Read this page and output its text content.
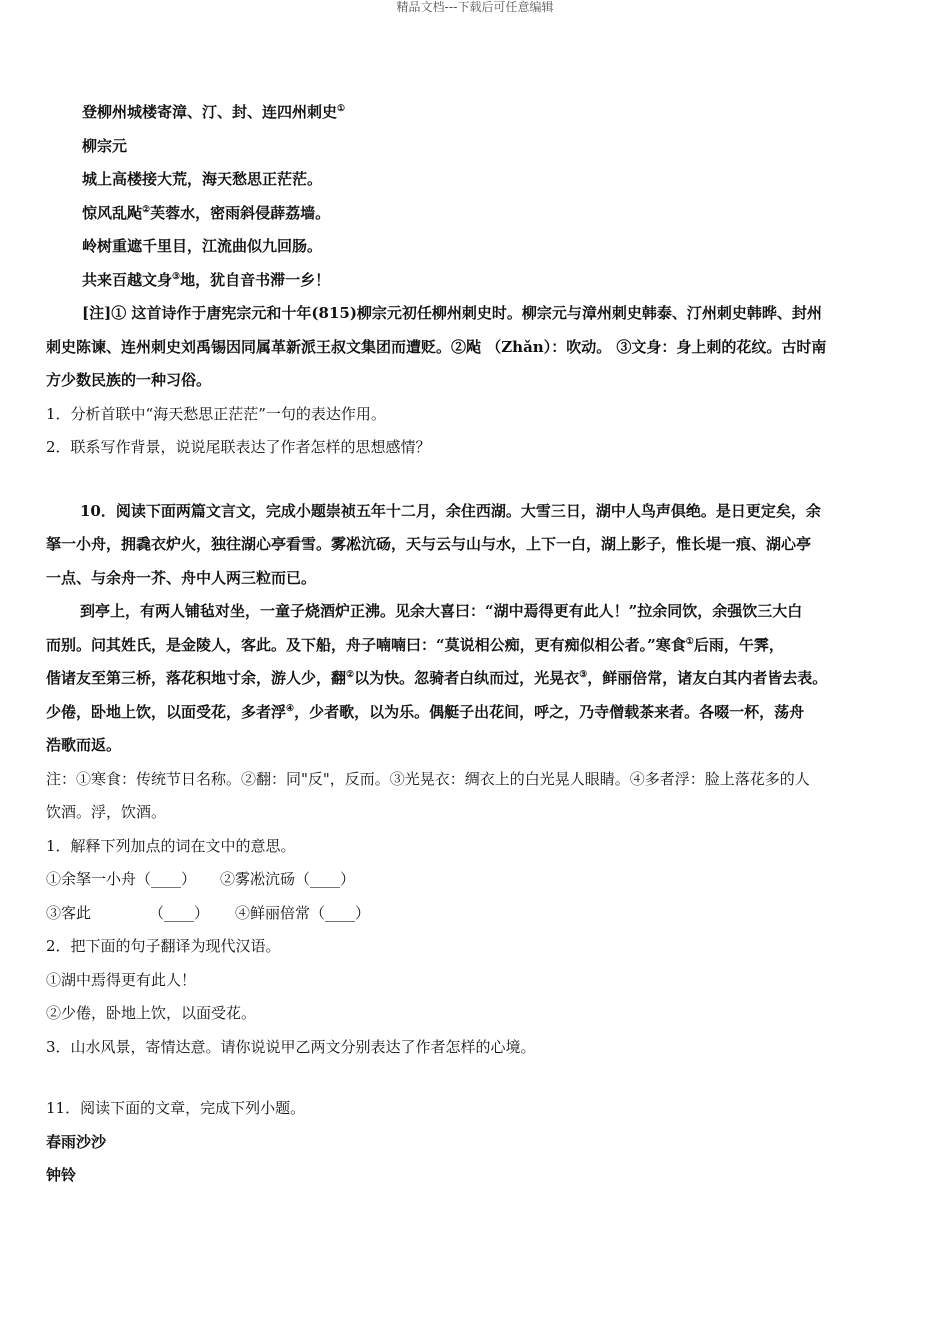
精品文档---下载后可任意编辑
登柳州城楼寄漳、汀、封、连四州刺史①
柳宗元
城上高楼接大荒，海天愁思正茫茫。
惊风乱飐②芙蓉水，密雨斜侵薜荔墙。
岭树重遮千里目，江流曲似九回肠。
共来百越文身③地，犹自音书滞一乡！
[注]① 这首诗作于唐宪宗元和十年(815)柳宗元初任柳州刺史时。柳宗元与漳州刺史韩泰、汀州刺史韩晔、封州
刺史陈谏、连州刺史刘禹锡因同属革新派王叔文集团而遭贬。②飐 （Zhǎn）：吹动。 ③文身：身上刺的花纹。古时南
方少数民族的一种习俗。
1．分析首联中“海天愁思正茫茫”一句的表达作用。
2．联系写作背景，说说尾联表达了作者怎样的思想感情？
10．阅读下面两篇文言文，完成小题崇祯五年十二月，余住西湖。大雪三日，湖中人鸟声俱绝。是日更定矣，余
拏一小舟，拥毳衣炉火，独往湖心亭看雪。雾凇沆砀，天与云与山与水，上下一白，湖上影子，惟长堤一痕、湖心亭
一点、与余舟一芥、舟中人两三粒而已。
到亭上，有两人铺毡对坐，一童子烧酒炉正沸。见余大喜曰：“湖中焉得更有此人！”拉余同饮，余强饮三大白
而别。问其姓氏，是金陵人，客此。及下船，舟子喃喃曰：“莫说相公痴，更有痴似相公者。”寒食①后雨，午霁，
偕诸友至第三桥，落花积地寸余，游人少，翻②以为快。忽骑者白纨而过，光晃衣③，鲜丽倍常，诸友白其内者皆去表。
少倦，卧地上饮，以面受花，多者浮④，少者歌，以为乐。偶艇子出花间，呼之，乃寺僧载茶来者。各啜一杯，荡舟
浩歌而返。
注：①寒食：传统节日名称。②翻：同"反"，反而。③光晃衣：绸衣上的白光晃人眼睛。④多者浮：脸上落花多的人
饮酒。浮，饮酒。
1．解释下列加点的词在文中的意思。
①余拏一小舟（____） ②雾凇沆砀（____）
③客此	（____） ④鲜丽倍常（____）
2．把下面的句子翻译为现代汉语。
①湖中焉得更有此人！
②少倦，卧地上饮，以面受花。
3．山水风景，寄情达意。请你说说甲乙两文分别表达了作者怎样的心境。
11．阅读下面的文章，完成下列小题。
春雨沙沙
钟铃
